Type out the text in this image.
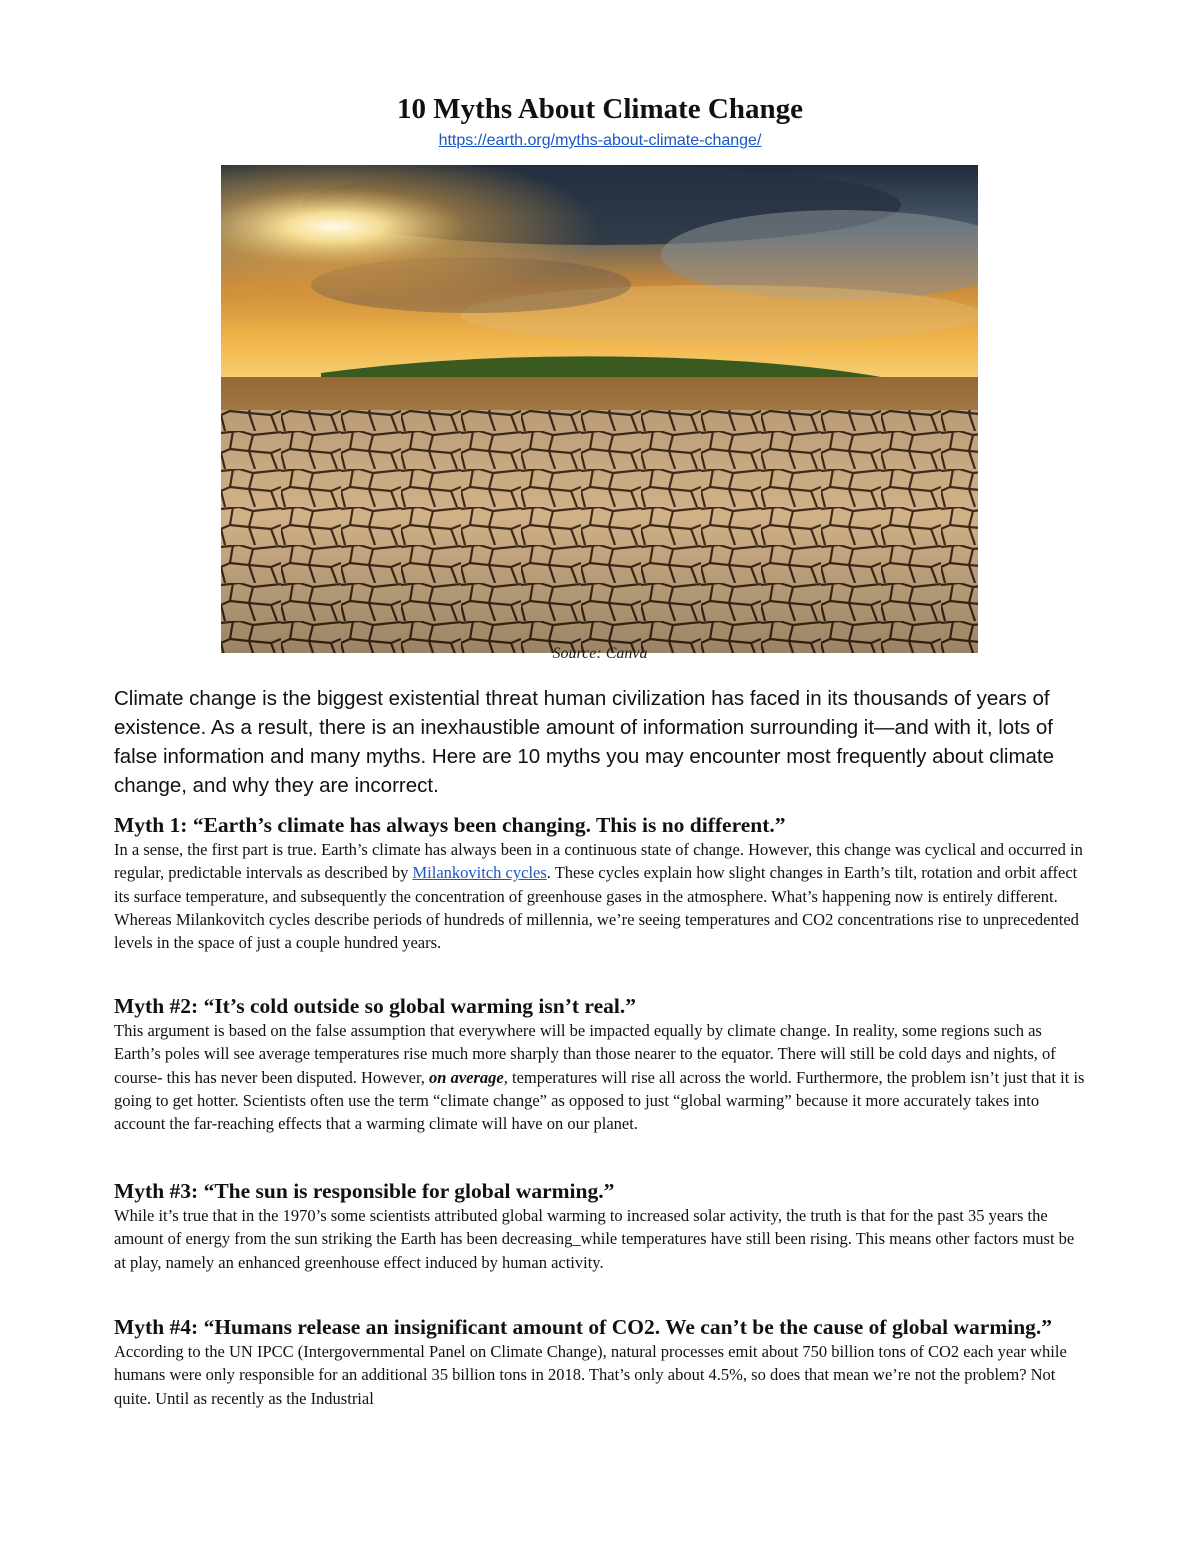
10 Myths About Climate Change
https://earth.org/myths-about-climate-change/
Source: Canva

Climate change is the biggest existential threat human civilization has faced in its thousands of years of existence. As a result, there is an inexhaustible amount of information surrounding it—and with it, lots of false information and many myths. Here are 10 myths you may encounter most frequently about climate change, and why they are incorrect.

Myth 1: “Earth’s climate has always been changing. This is no different.”

In a sense, the first part is true. Earth’s climate has always been in a continuous state of change. However, this change was cyclical and occurred in regular, predictable intervals as described by Milankovitch cycles. These cycles explain how slight changes in Earth’s tilt, rotation and orbit affect its surface temperature, and subsequently the concentration of greenhouse gases in the atmosphere. What’s happening now is entirely different. Whereas Milankovitch cycles describe periods of hundreds of millennia, we’re seeing temperatures and CO2 concentrations rise to unprecedented levels in the space of just a couple hundred years.

Myth #2: “It’s cold outside so global warming isn’t real.”

This argument is based on the false assumption that everywhere will be impacted equally by climate change. In reality, some regions such as Earth’s poles will see average temperatures rise much more sharply than those nearer to the equator. There will still be cold days and nights, of course- this has never been disputed. However, on average, temperatures will rise all across the world. Furthermore, the problem isn’t just that it is going to get hotter. Scientists often use the term “climate change” as opposed to just “global warming” because it more accurately takes into account the far-reaching effects that a warming climate will have on our planet.

Myth #3: “The sun is responsible for global warming.”

While it’s true that in the 1970’s some scientists attributed global warming to increased solar activity, the truth is that for the past 35 years the amount of energy from the sun striking the Earth has been decreasing_while temperatures have still been rising. This means other factors must be at play, namely an enhanced greenhouse effect induced by human activity.

Myth #4: “Humans release an insignificant amount of CO2. We can’t be the cause of global warming.”

According to the UN IPCC (Intergovernmental Panel on Climate Change), natural processes emit about 750 billion tons of CO2 each year while humans were only responsible for an additional 35 billion tons in 2018. That’s only about 4.5%, so does that mean we’re not the problem? Not quite. Until as recently as the Industrial
